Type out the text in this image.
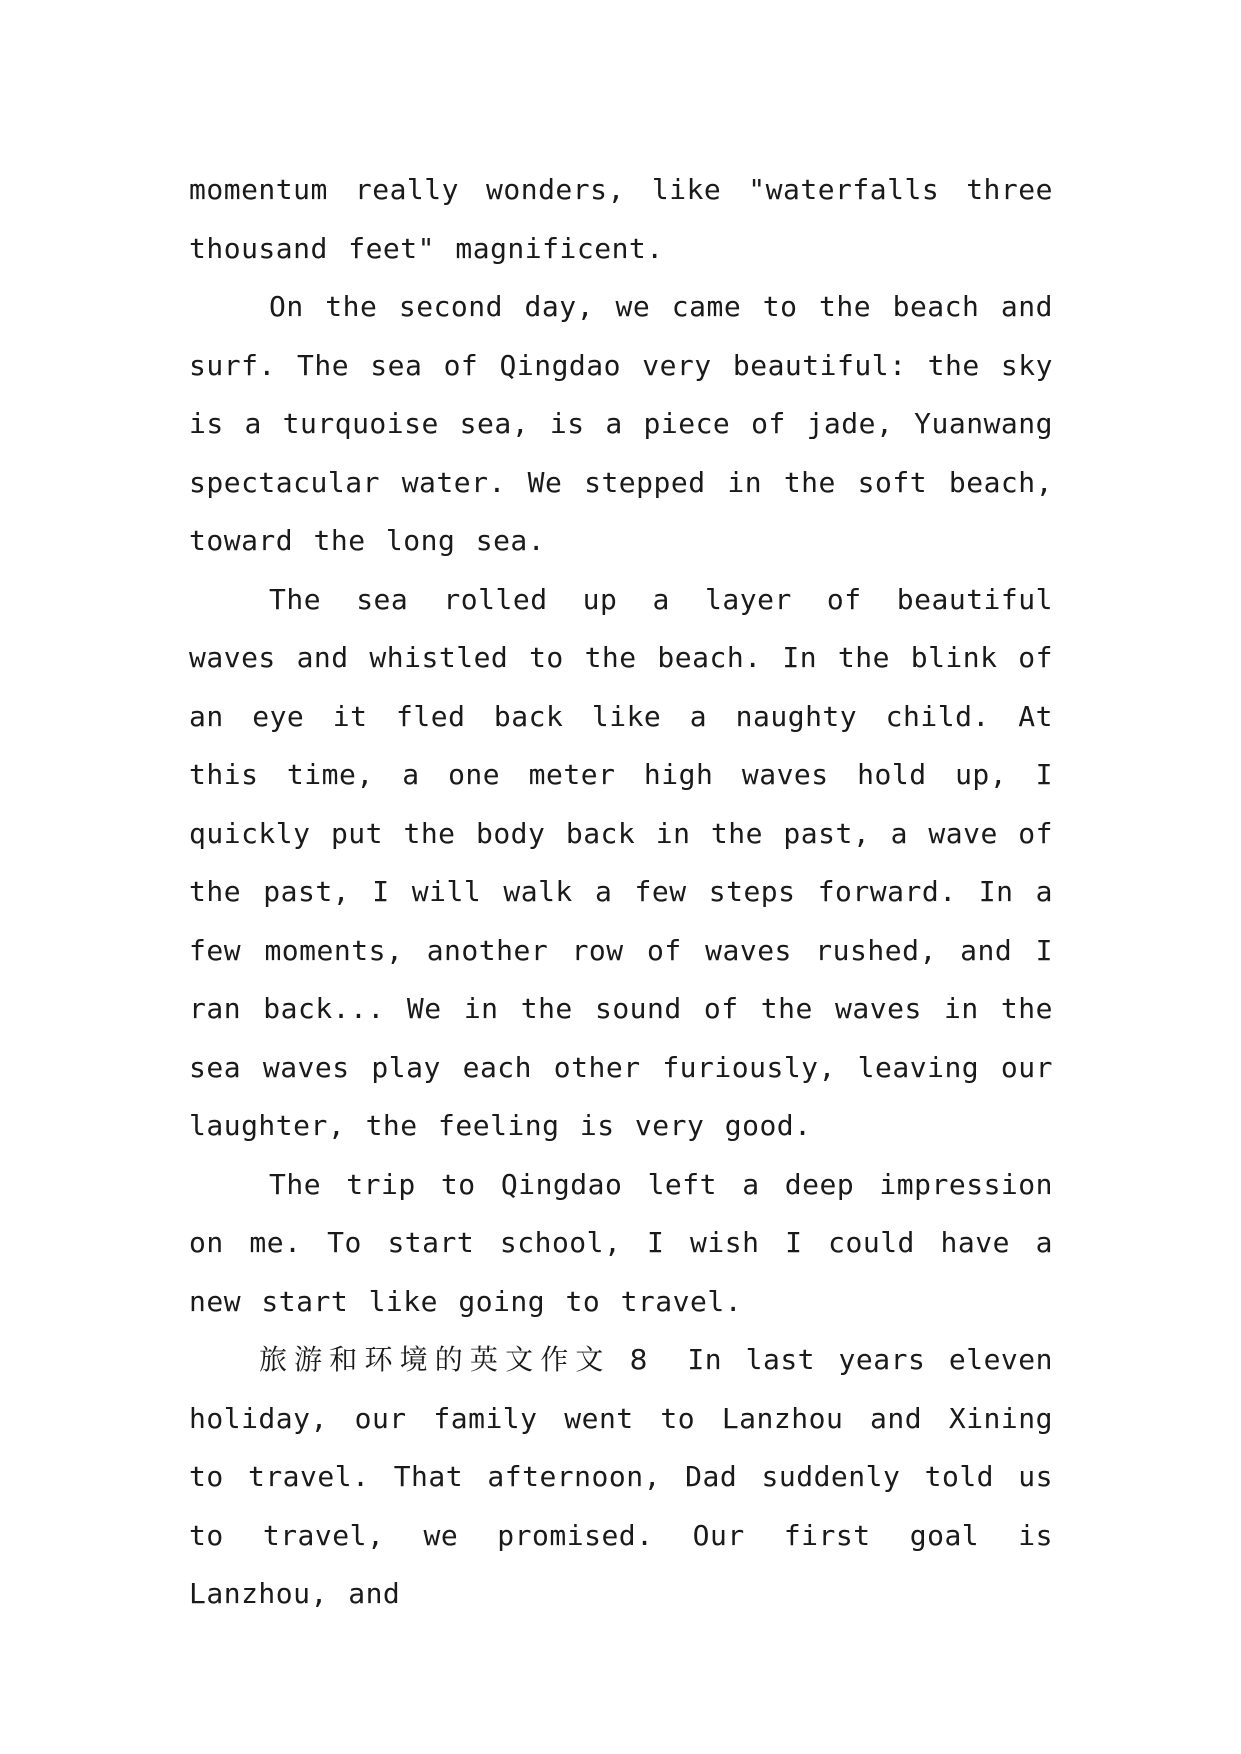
momentum really wonders, like "waterfalls three thousand feet" magnificent.

On the second day, we came to the beach and surf. The sea of Qingdao very beautiful: the sky is a turquoise sea, is a piece of jade, Yuanwang spectacular water. We stepped in the soft beach, toward the long sea.

The sea rolled up a layer of beautiful waves and whistled to the beach. In the blink of an eye it fled back like a naughty child. At this time, a one meter high waves hold up, I quickly put the body back in the past, a wave of the past, I will walk a few steps forward. In a few moments, another row of waves rushed, and I ran back... We in the sound of the waves in the sea waves play each other furiously, leaving our laughter, the feeling is very good.

The trip to Qingdao left a deep impression on me. To start school, I wish I could have a new start like going to travel.

旅游和环境的英文作文 8 In last years eleven holiday, our family went to Lanzhou and Xining to travel. That afternoon, Dad suddenly told us to travel, we promised. Our first goal is Lanzhou, and
